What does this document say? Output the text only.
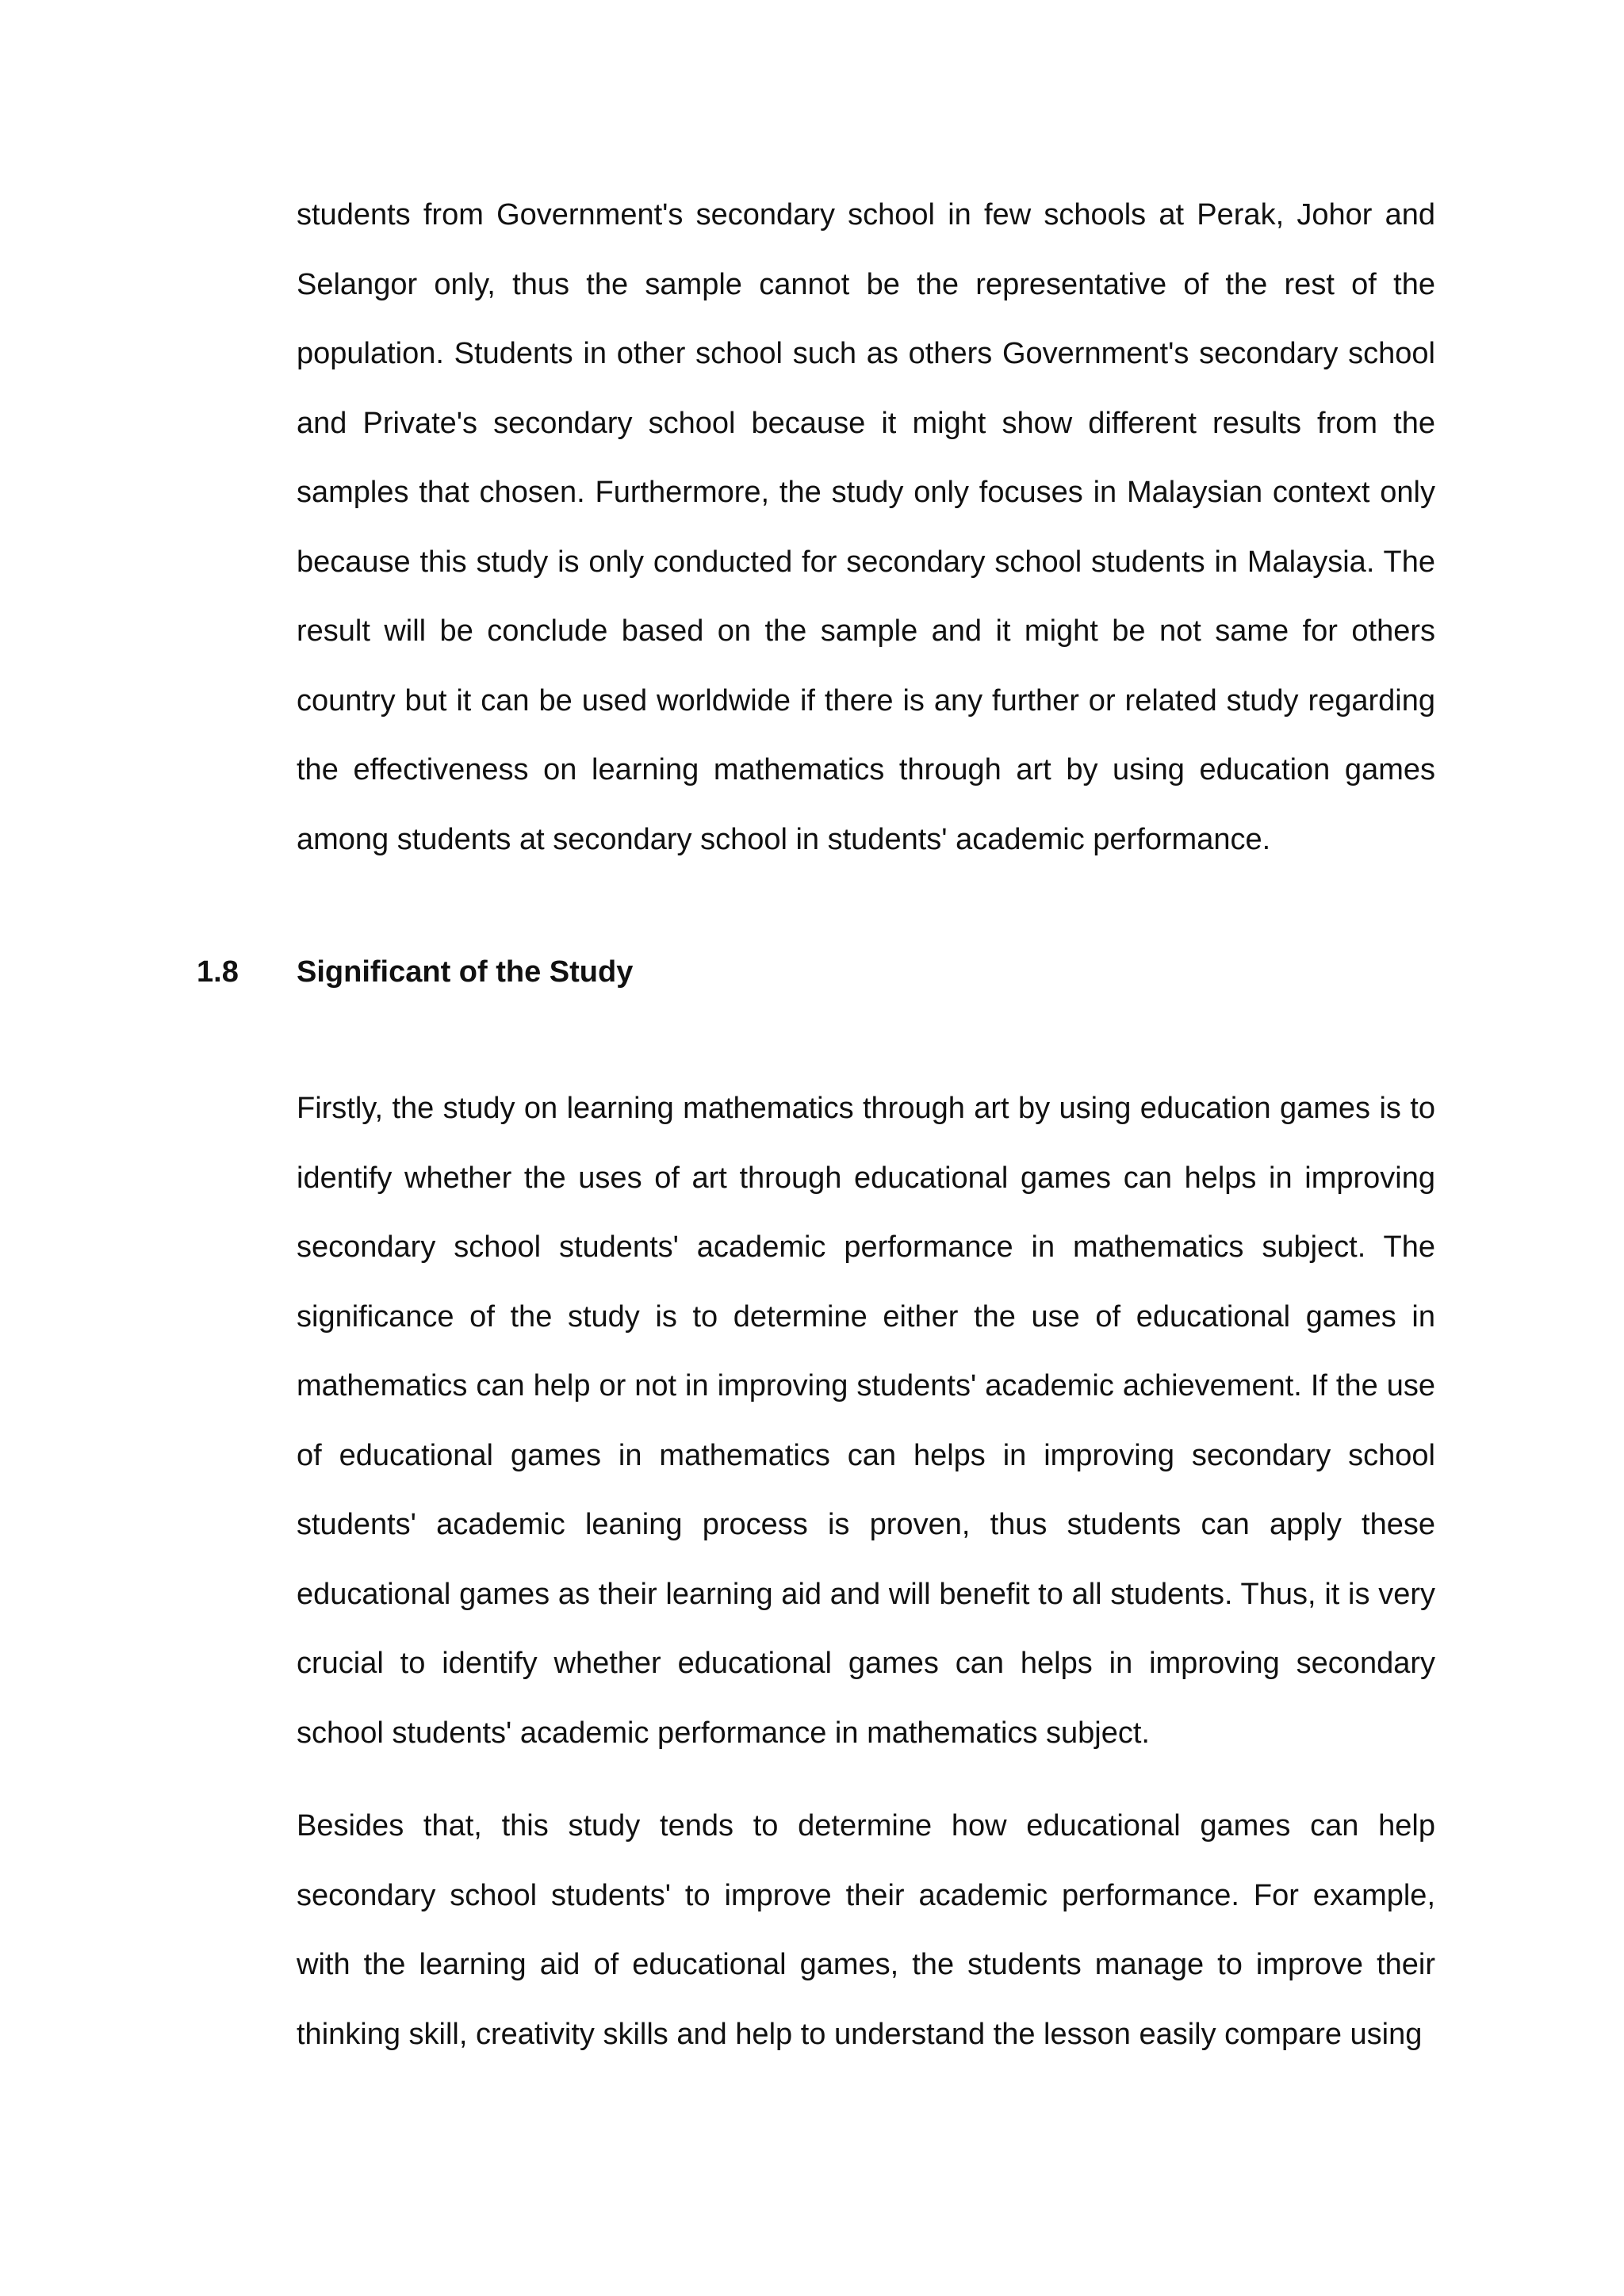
students from Government's secondary school in few schools at Perak, Johor and Selangor only, thus the sample cannot be the representative of the rest of the population. Students in other school such as others Government's secondary school and Private's secondary school because it might show different results from the samples that chosen. Furthermore, the study only focuses in Malaysian context only because this study is only conducted for secondary school students in Malaysia. The result will be conclude based on the sample and it might be not same for others country but it can be used worldwide if there is any further or related study regarding the effectiveness on learning mathematics through art by using education games among students at secondary school in students' academic performance.

1.8 Significant of the Study

Firstly, the study on learning mathematics through art by using education games is to identify whether the uses of art through educational games can helps in improving secondary school students' academic performance in mathematics subject. The significance of the study is to determine either the use of educational games in mathematics can help or not in improving students' academic achievement. If the use of educational games in mathematics can helps in improving secondary school students' academic leaning process is proven, thus students can apply these educational games as their learning aid and will benefit to all students. Thus, it is very crucial to identify whether educational games can helps in improving secondary school students' academic performance in mathematics subject.

Besides that, this study tends to determine how educational games can help secondary school students' to improve their academic performance. For example, with the learning aid of educational games, the students manage to improve their thinking skill, creativity skills and help to understand the lesson easily compare using
